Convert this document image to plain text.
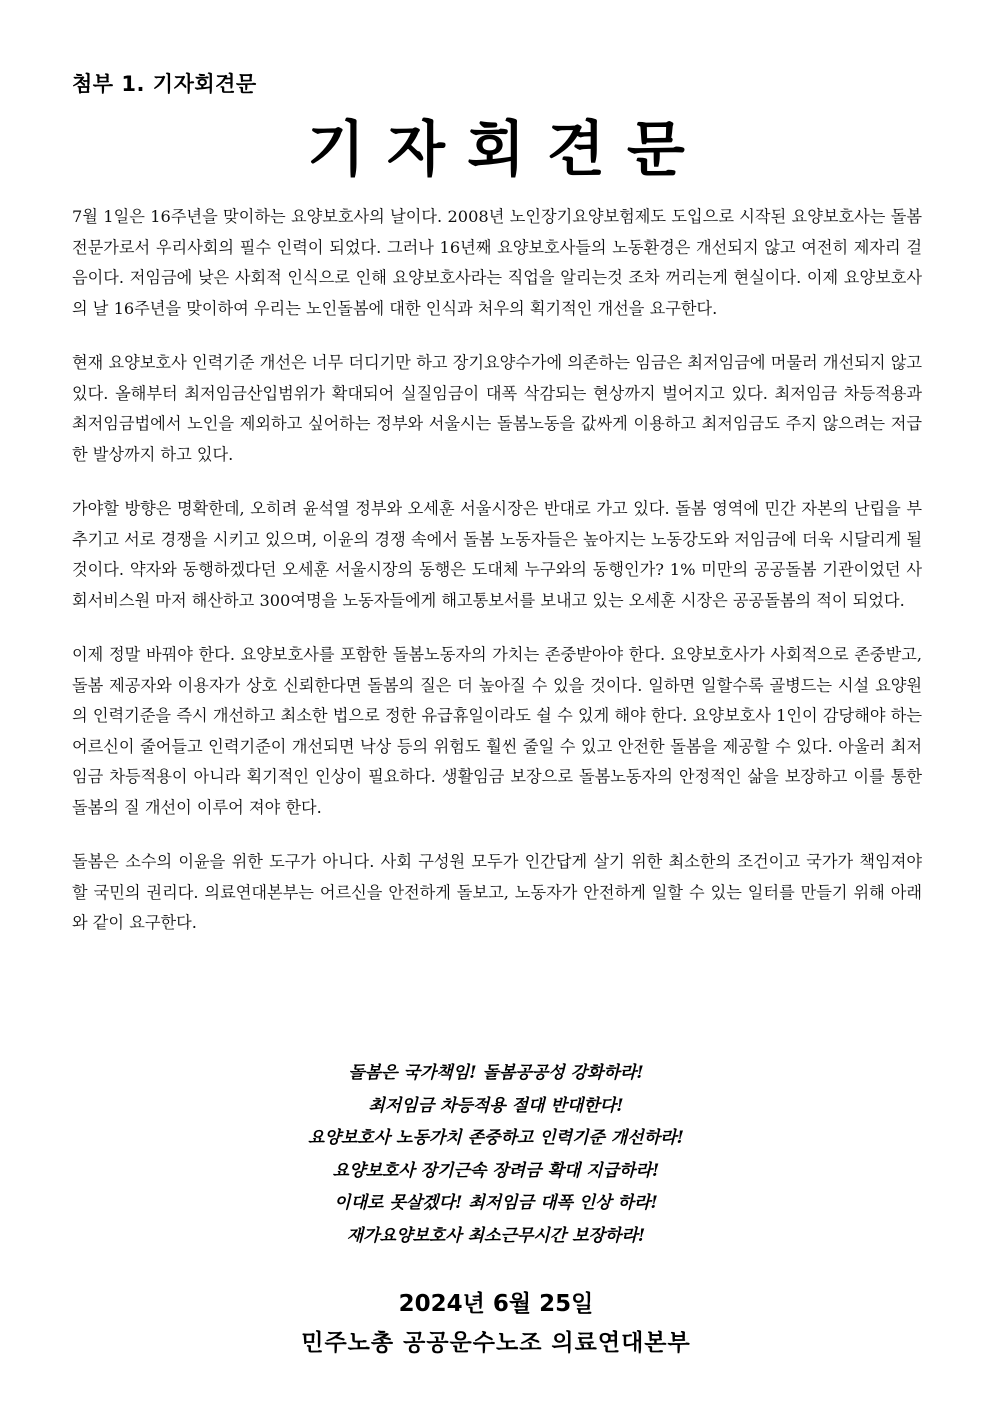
첨부 1. 기자회견문
기자회견문

7월 1일은 16주년을 맞이하는 요양보호사의 날이다. 2008년 노인장기요양보험제도 도입으로 시작된 요양보호사는 돌봄전문가로서 우리사회의 필수 인력이 되었다. 그러나 16년째 요양보호사들의 노동환경은 개선되지 않고 여전히 제자리 걸음이다. 저임금에 낮은 사회적 인식으로 인해 요양보호사라는 직업을 알리는것 조차 꺼리는게 현실이다. 이제 요양보호사의 날 16주년을 맞이하여 우리는 노인돌봄에 대한 인식과 처우의 획기적인 개선을 요구한다.

현재 요양보호사 인력기준 개선은 너무 더디기만 하고 장기요양수가에 의존하는 임금은 최저임금에 머물러 개선되지 않고 있다. 올해부터 최저임금산입범위가 확대되어 실질임금이 대폭 삭감되는 현상까지 벌어지고 있다. 최저임금 차등적용과 최저임금법에서 노인을 제외하고 싶어하는 정부와 서울시는 돌봄노동을 값싸게 이용하고 최저임금도 주지 않으려는 저급한 발상까지 하고 있다.

가야할 방향은 명확한데, 오히려 윤석열 정부와 오세훈 서울시장은 반대로 가고 있다. 돌봄 영역에 민간 자본의 난립을 부추기고 서로 경쟁을 시키고 있으며, 이윤의 경쟁 속에서 돌봄 노동자들은 높아지는 노동강도와 저임금에 더욱 시달리게 될 것이다. 약자와 동행하겠다던 오세훈 서울시장의 동행은 도대체 누구와의 동행인가? 1% 미만의 공공돌봄 기관이었던 사회서비스원 마저 해산하고 300여명을 노동자들에게 해고통보서를 보내고 있는 오세훈 시장은 공공돌봄의 적이 되었다.

이제 정말 바꿔야 한다. 요양보호사를 포함한 돌봄노동자의 가치는 존중받아야 한다. 요양보호사가 사회적으로 존중받고, 돌봄 제공자와 이용자가 상호 신뢰한다면 돌봄의 질은 더 높아질 수 있을 것이다. 일하면 일할수록 골병드는 시설 요양원의 인력기준을 즉시 개선하고 최소한 법으로 정한 유급휴일이라도 쉴 수 있게 해야 한다. 요양보호사 1인이 감당해야 하는 어르신이 줄어들고 인력기준이 개선되면 낙상 등의 위험도 훨씬 줄일 수 있고 안전한 돌봄을 제공할 수 있다. 아울러 최저임금 차등적용이 아니라 획기적인 인상이 필요하다. 생활임금 보장으로 돌봄노동자의 안정적인 삶을 보장하고 이를 통한 돌봄의 질 개선이 이루어 져야 한다.

돌봄은 소수의 이윤을 위한 도구가 아니다. 사회 구성원 모두가 인간답게 살기 위한 최소한의 조건이고 국가가 책임져야 할 국민의 권리다. 의료연대본부는 어르신을 안전하게 돌보고, 노동자가 안전하게 일할 수 있는 일터를 만들기 위해 아래와 같이 요구한다.

돌봄은 국가책임! 돌봄공공성 강화하라!
최저임금 차등적용 절대 반대한다!
요양보호사 노동가치 존중하고 인력기준 개선하라!
요양보호사 장기근속 장려금 확대 지급하라!
이대로 못살겠다! 최저임금 대폭 인상 하라!
재가요양보호사 최소근무시간 보장하라!
2024년 6월 25일
민주노총 공공운수노조 의료연대본부
